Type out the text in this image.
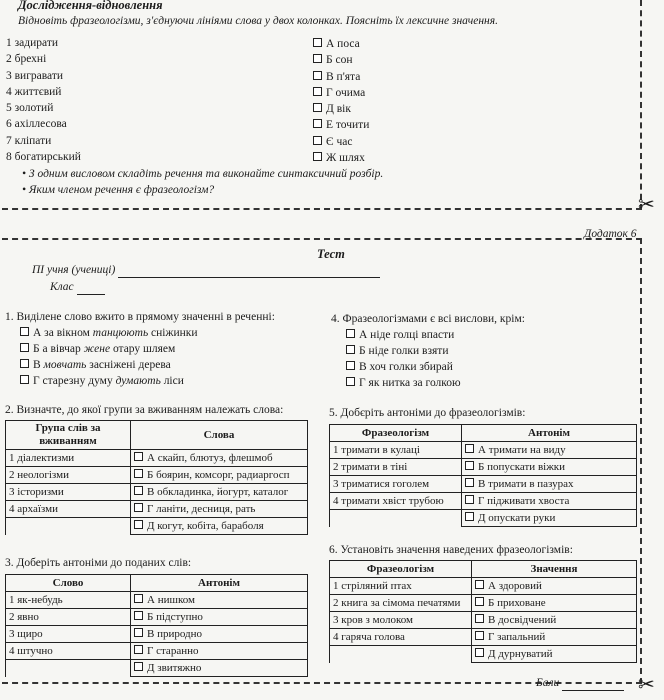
✂
✂
Дослідження-відновлення
Відновіть фразеологізми, з'єднуючи лініями слова у двох колонках. Поясніть їх лексичне значення.
1 задирати
2 брехні
3 вигравати
4 життєвий
5 золотий
6 ахіллесова
7 кліпати
8 богатирський
А поса
Б сон
В п'ята
Г очима
Д вік
Е точити
Є час
Ж шлях
• З одним висловом складіть речення та виконайте синтаксичний розбір.
• Яким членом речення є фразеологізм?
Додаток 6
Тест
ПІ учня (учениці)
Клас
1. Виділене слово вжито в прямому значенні в реченні:
А за вікном танцюють сніжинки
Б а вівчар жене отару шляем
В мовчать засніжені дерева
Г старезну думу думають ліси
4. Фразеологізмами є всі вислови, крім:
А ніде голці впасти
Б ніде голки взяти
В хоч голки збирай
Г як нитка за голкою
2. Визначте, до якої групи за вживанням належать слова:
Група слів за вживанням	Слова
1 діалектизми	А скайп, блютуз, флешмоб
2 неологізми	Б боярин, комсорг, радиаргосп
3 історизми	В обкладинка, йогурт, каталог
4 архаїзми	Г ланіти, десниця, рать
	Д когут, кобіта, бараболя
5. Добєріть антоніми до фразеологізмів:
Фразеологізм	Антонім
1 тримати в кулаці	А тримати на виду
2 тримати в тіні	Б попускати віжки
3 триматися гоголем	В тримати в пазурах
4 тримати хвіст трубою	Г підживати хвоста
	Д опускати руки
6. Установіть значення наведених фразеологізмів:
Фразеологізм	Значення
1 стріляний птах	А здоровий
2 книга за сімома печатями	Б приховане
3 кров з молоком	В досвідчений
4 гаряча голова	Г запальний
	Д дурнуватий
3. Доберіть антоніми до поданих слів:
Слово	Антонім
1 як-небудь	А нишком
2 явно	Б підступно
3 щиро	В природно
4 штучно	Г старанно
	Д звитяжно
Бали
